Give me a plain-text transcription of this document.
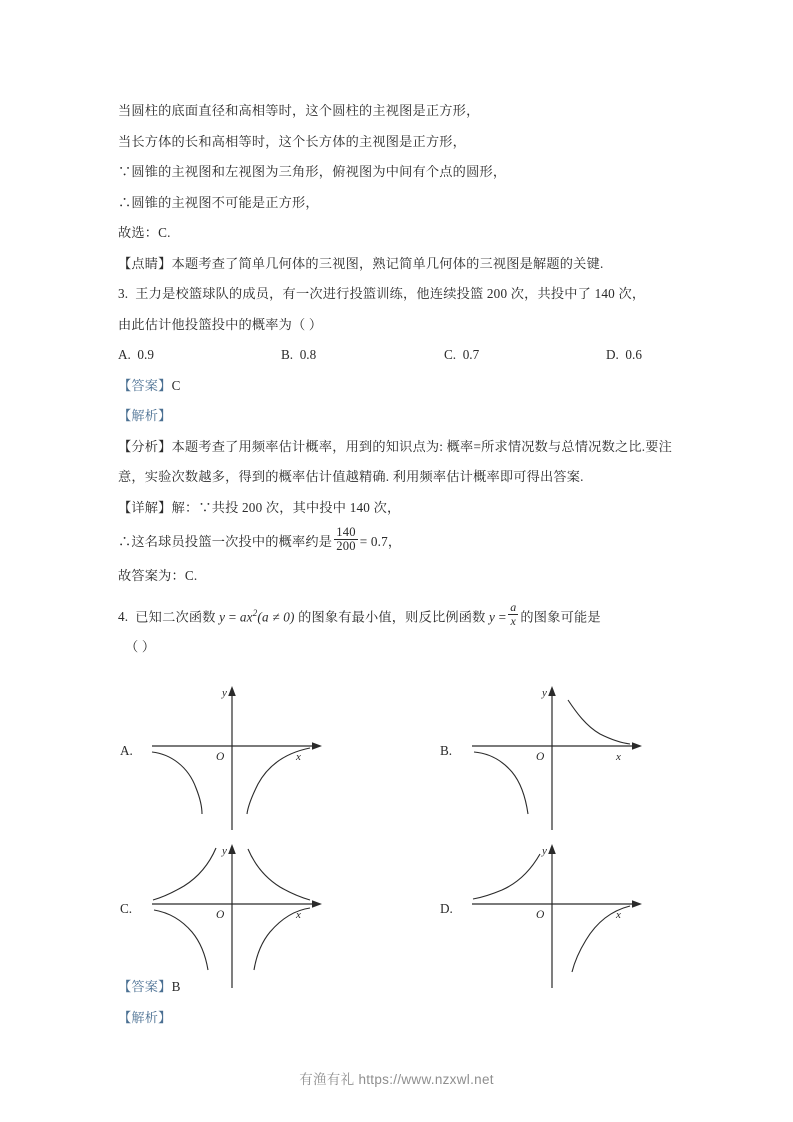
当圆柱的底面直径和高相等时，这个圆柱的主视图是正方形，
当长方体的长和高相等时，这个长方体的主视图是正方形，
∵圆锥的主视图和左视图为三角形，俯视图为中间有个点的圆形，
∴圆锥的主视图不可能是正方形，
故选：C.
【点睛】本题考查了简单几何体的三视图，熟记简单几何体的三视图是解题的关键.
3. 王力是校篮球队的成员，有一次进行投篮训练，他连续投篮 200 次，共投中了 140 次，
由此估计他投篮投中的概率为（ ）
A. 0.9	B. 0.8	C. 0.7	D. 0.6
【答案】C
【解析】
【分析】本题考查了用频率估计概率，用到的知识点为: 概率=所求情况数与总情况数之比.要注意，实验次数越多，得到的概率估计值越精确. 利用频率估计概率即可得出答案.
【详解】解：∵共投 200 次，其中投中 140 次，
∴这名球员投篮一次投中的概率约是 $\frac{140}{200} = 0.7$，
故答案为：C.
4. 已知二次函数 $y = ax^2(a \ne 0)$ 的图象有最小值，则反比例函数 $y = \frac{a}{x}$ 的图象可能是
（ ）
A.
y
x
O	B.
y
x
O
C.
y
x
O	D.
y
x
O
【答案】B
【解析】
有渔有礼 https://www.nzxwl.net
